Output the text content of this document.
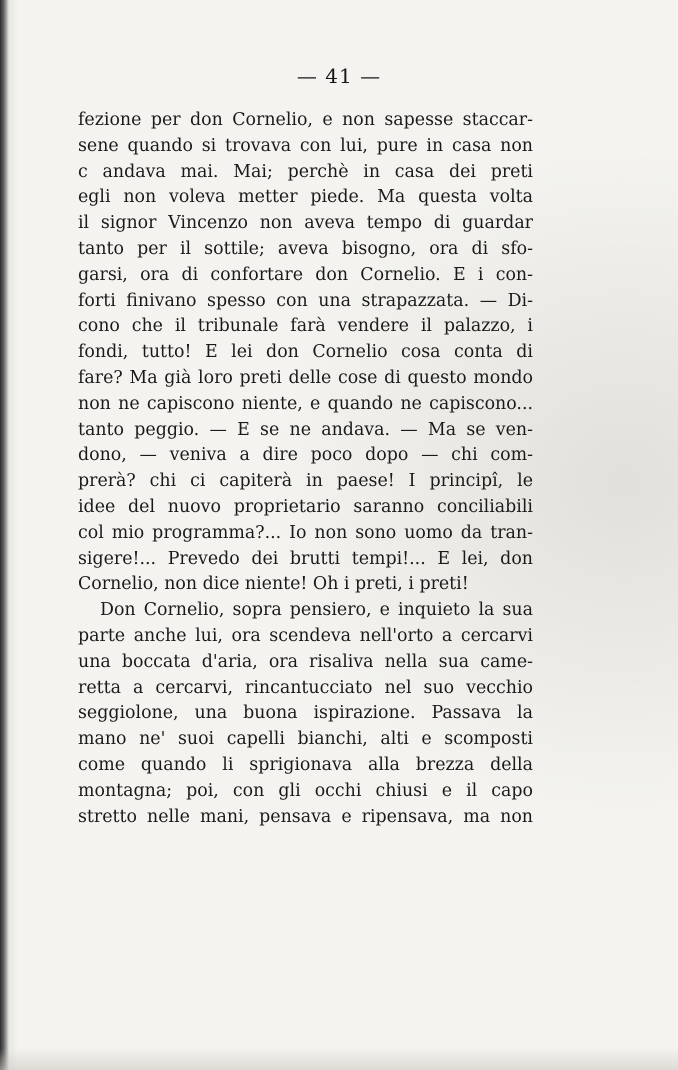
— 41 —
fezione per don Cornelio, e non sapesse staccar-
sene quando si trovava con lui, pure in casa non
c andava mai. Mai; perchè in casa dei preti
egli non voleva metter piede. Ma questa volta
il signor Vincenzo non aveva tempo di guardar
tanto per il sottile; aveva bisogno, ora di sfo-
garsi, ora di confortare don Cornelio. E i con-
forti finivano spesso con una strapazzata. — Di-
cono che il tribunale farà vendere il palazzo, i
fondi, tutto! E lei don Cornelio cosa conta di
fare? Ma già loro preti delle cose di questo mondo
non ne capiscono niente, e quando ne capiscono...
tanto peggio. — E se ne andava. — Ma se ven-
dono, — veniva a dire poco dopo — chi com-
prerà? chi ci capiterà in paese! I principî, le
idee del nuovo proprietario saranno conciliabili
col mio programma?... Io non sono uomo da tran-
sigere!... Prevedo dei brutti tempi!... E lei, don
Cornelio, non dice niente! Oh i preti, i preti!
Don Cornelio, sopra pensiero, e inquieto la sua
parte anche lui, ora scendeva nell'orto a cercarvi
una boccata d'aria, ora risaliva nella sua came-
retta a cercarvi, rincantucciato nel suo vecchio
seggiolone, una buona ispirazione. Passava la
mano ne' suoi capelli bianchi, alti e scomposti
come quando li sprigionava alla brezza della
montagna; poi, con gli occhi chiusi e il capo
stretto nelle mani, pensava e ripensava, ma non
